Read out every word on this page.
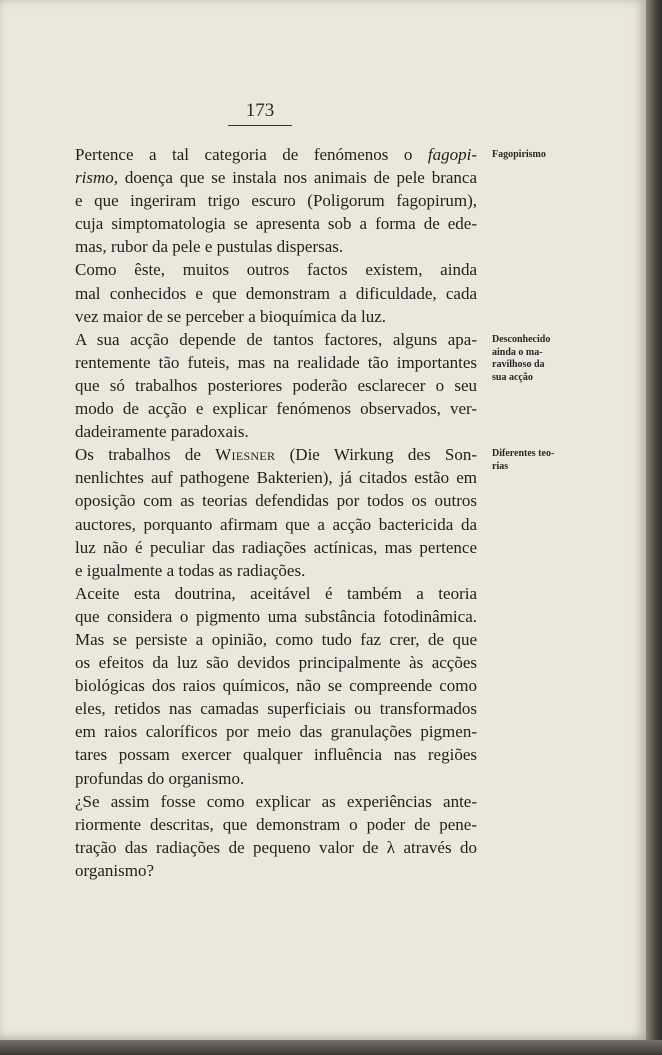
173
Fagopirismo
Desconhecido
ainda o ma-
ravilhoso da
sua acção
Diferentes teo-
rias

Pertence a tal categoria de fenómenos o fagopi-
rismo, doença que se instala nos animais de pele branca
e que ingeriram trigo escuro (Poligorum fagopirum),
cuja simptomatologia se apresenta sob a forma de ede-
mas, rubor da pele e pustulas dispersas.

Como êste, muitos outros factos existem, ainda
mal conhecidos e que demonstram a dificuldade, cada
vez maior de se perceber a bioquímica da luz.

A sua acção depende de tantos factores, alguns apa-
rentemente tão futeis, mas na realidade tão importantes
que só trabalhos posteriores poderão esclarecer o seu
modo de acção e explicar fenómenos observados, ver-
dadeiramente paradoxais.

Os trabalhos de Wiesner (Die Wirkung des Son-
nenlichtes auf pathogene Bakterien), já citados estão em
oposição com as teorias defendidas por todos os outros
auctores, porquanto afirmam que a acção bactericida da
luz não é peculiar das radiações actínicas, mas pertence
e igualmente a todas as radiações.

Aceite esta doutrina, aceitável é também a teoria
que considera o pigmento uma substância fotodinâmica.
Mas se persiste a opinião, como tudo faz crer, de que
os efeitos da luz são devidos principalmente às acções
biológicas dos raios químicos, não se compreende como
eles, retidos nas camadas superficiais ou transformados
em raios caloríficos por meio das granulações pigmen-
tares possam exercer qualquer influência nas regiões
profundas do organismo.

¿Se assim fosse como explicar as experiências ante-
riormente descritas, que demonstram o poder de pene-
tração das radiações de pequeno valor de λ através do
organismo?
